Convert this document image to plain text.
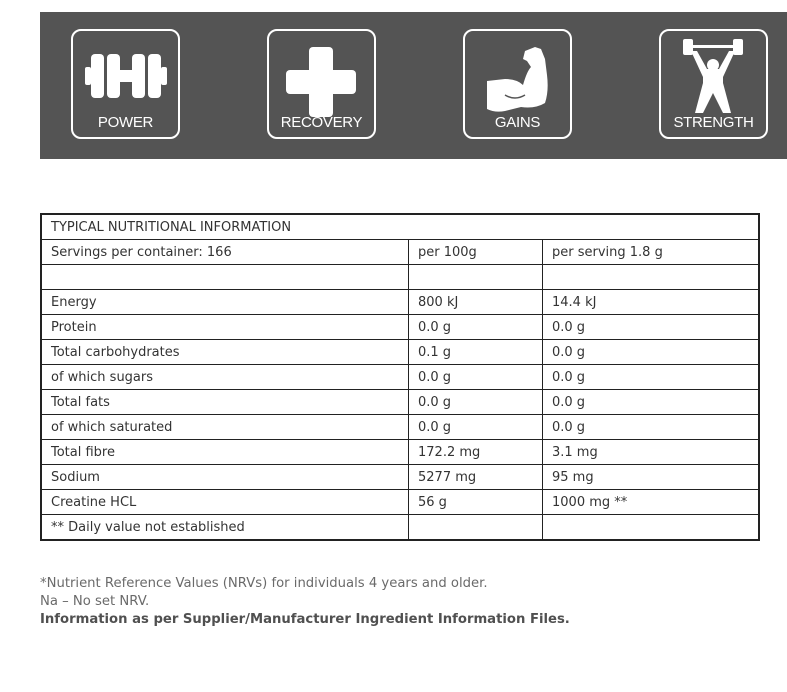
POWER	RECOVERY	GAINS	STRENGTH
TYPICAL NUTRITIONAL INFORMATION		
Servings per container: 166	per 100g	per serving 1.8 g

Energy	800 kJ	14.4 kJ
Protein	0.0 g	0.0 g
Total carbohydrates	0.1 g	0.0 g
of which sugars	0.0 g	0.0 g
Total fats	0.0 g	0.0 g
of which saturated	0.0 g	0.0 g
Total fibre	172.2 mg	3.1 mg
Sodium	5277 mg	95 mg
Creatine HCL	56 g	1000 mg **
** Daily value not established		
*Nutrient Reference Values (NRVs) for individuals 4 years and older.
Na – No set NRV.
Information as per Supplier/Manufacturer Ingredient Information Files.
